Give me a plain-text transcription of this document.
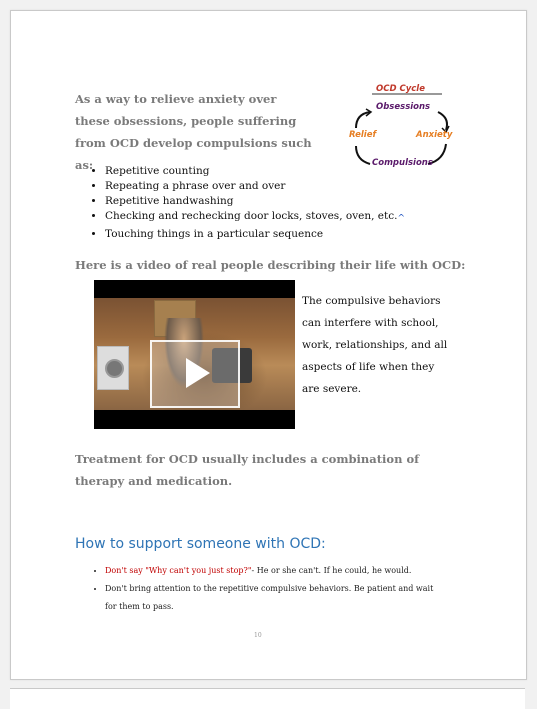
As a way to relieve anxiety over these obsessions, people suffering from OCD develop compulsions such as:
OCD Cycle
Obsessions
Relief	Anxiety
Compulsions
• Repetitive counting
• Repeating a phrase over and over
• Repetitive handwashing
• Checking and rechecking door locks, stoves, oven, etc.^
• Touching things in a particular sequence
Here is a video of real people describing their life with OCD:
The compulsive behaviors can interfere with school, work, relationships, and all aspects of life when they are severe.
Treatment for OCD usually includes a combination of therapy and medication.
How to support someone with OCD:
• Don't say "Why can't you just stop?"- He or she can't. If he could, he would.
• Don't bring attention to the repetitive compulsive behaviors. Be patient and wait for them to pass.
10
